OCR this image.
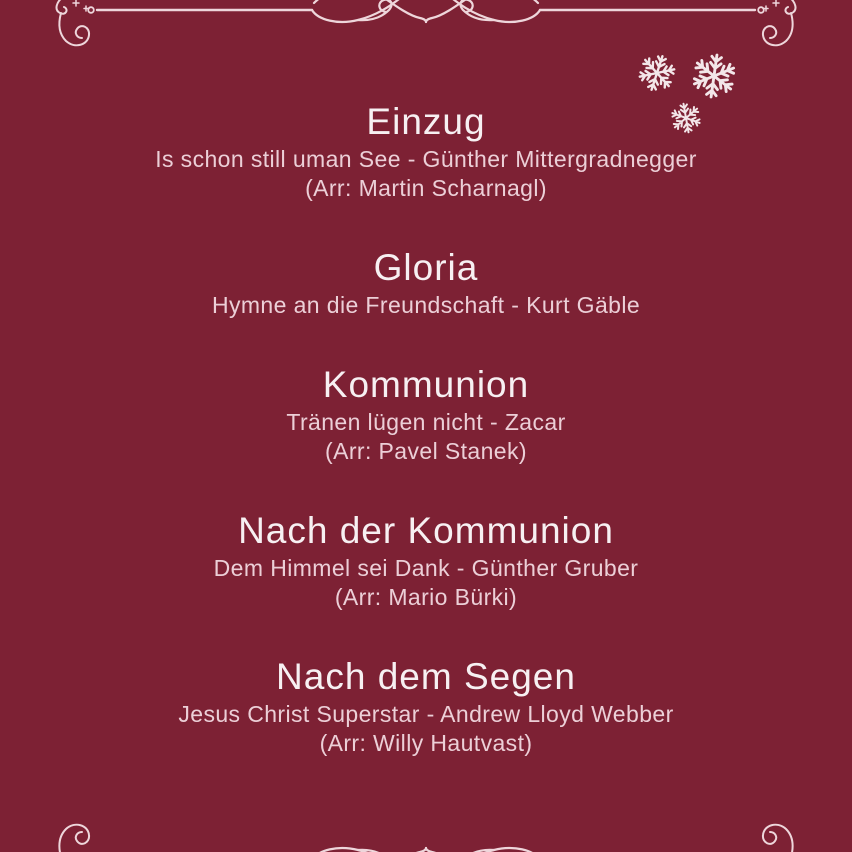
Einzug

Is schon still uman See - Günther Mittergradnegger

(Arr: Martin Scharnagl)

Gloria

Hymne an die Freundschaft - Kurt Gäble

Kommunion

Tränen lügen nicht - Zacar

(Arr: Pavel Stanek)

Nach der Kommunion

Dem Himmel sei Dank - Günther Gruber

(Arr: Mario Bürki)

Nach dem Segen

Jesus Christ Superstar - Andrew Lloyd Webber

(Arr: Willy Hautvast)
